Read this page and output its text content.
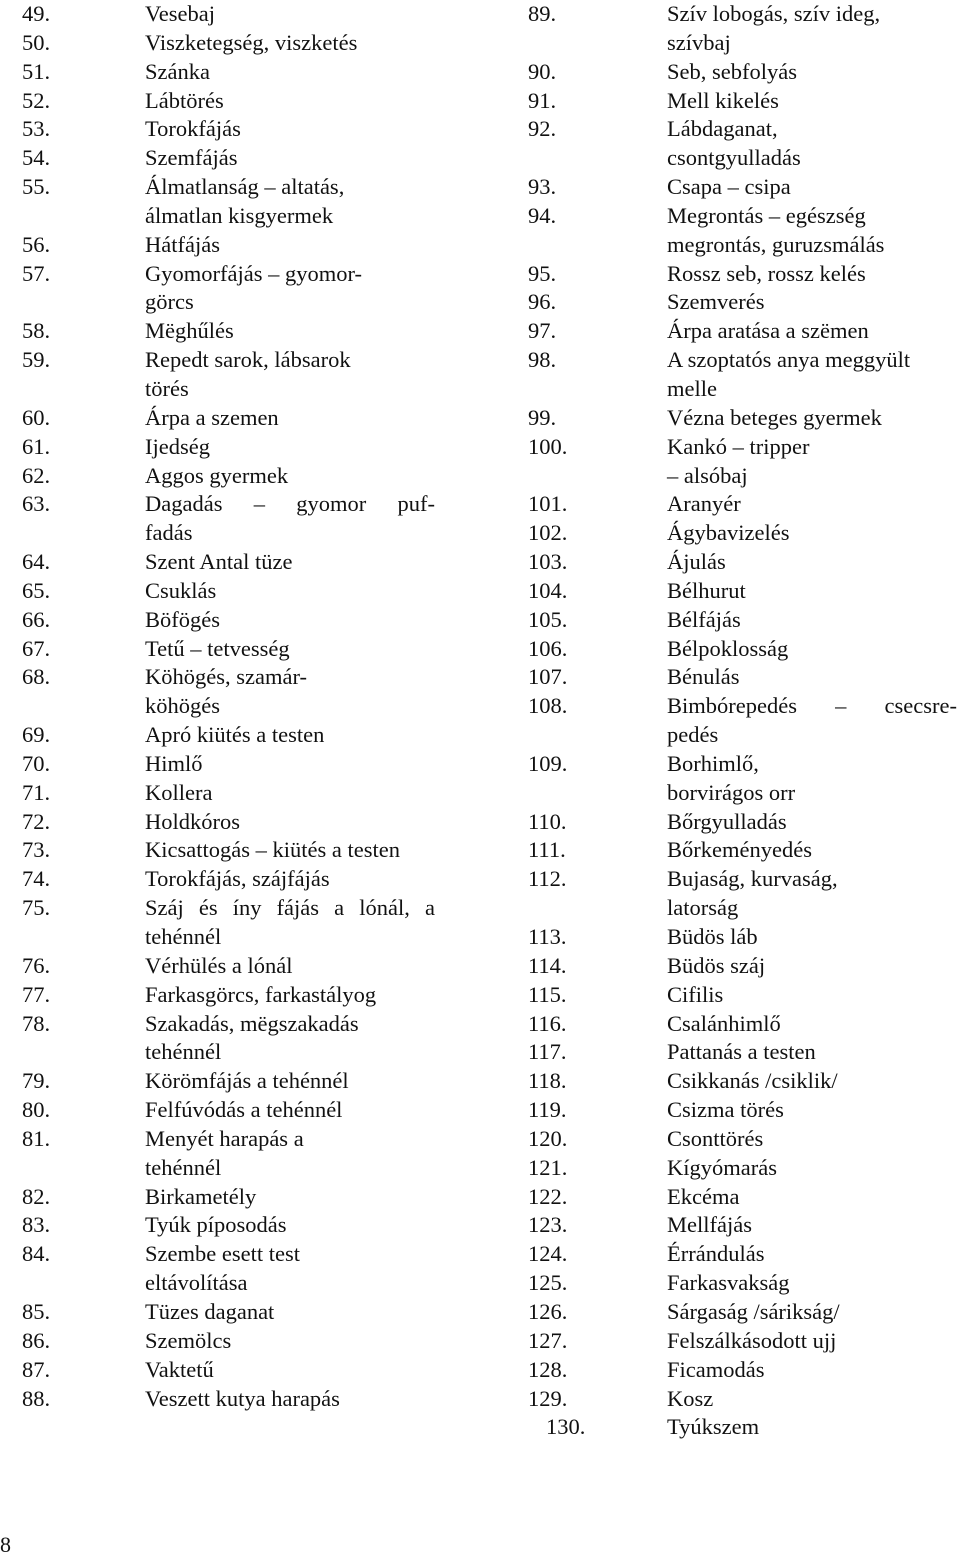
49.	Vesebaj
50.	Viszketegség, viszketés
51.	Szánka
52.	Lábtörés
53.	Torokfájás
54.	Szemfájás
55.	Álmatlanság – altatás,
álmatlan kisgyermek
56.	Hátfájás
57.	Gyomorfájás – gyomor-
görcs
58.	Mëghűlés
59.	Repedt sarok, lábsarok
törés
60.	Árpa a szemen
61.	Ijedség
62.	Aggos gyermek
63.	Dagadás – gyomor puf-
fadás
64.	Szent Antal tüze
65.	Csuklás
66.	Böfögés
67.	Tetű – tetvesség
68.	Köhögés, szamár-
köhögés
69.	Apró kiütés a testen
70.	Himlő
71.	Kollera
72.	Holdkóros
73.	Kicsattogás – kiütés a testen
74.	Torokfájás, szájfájás
75.	Száj és íny fájás a lónál, a
tehénnél
76.	Vérhülés a lónál
77.	Farkasgörcs, farkastályog
78.	Szakadás, mëgszakadás
tehénnél
79.	Körömfájás a tehénnél
80.	Felfúvódás a tehénnél
81.	Menyét harapás a
tehénnél
82.	Birkametély
83.	Tyúk píposodás
84.	Szembe esett test
eltávolítása
85.	Tüzes daganat
86.	Szemölcs
87.	Vaktetű
88.	Veszett kutya harapás
89.	Szív lobogás, szív ideg,
szívbaj
90.	Seb, sebfolyás
91.	Mell kikelés
92.	Lábdaganat,
csontgyulladás
93.	Csapa – csipa
94.	Megrontás – egészség
megrontás, guruzsmálás
95.	Rossz seb, rossz kelés
96.	Szemverés
97.	Árpa aratása a szëmen
98.	A szoptatós anya meggyült
melle
99.	Vézna beteges gyermek
100.	Kankó – tripper
– alsóbaj
101.	Aranyér
102.	Ágybavizelés
103.	Ájulás
104.	Bélhurut
105.	Bélfájás
106.	Bélpoklosság
107.	Bénulás
108.	Bimbórepedés – csecsre-
pedés
109.	Borhimlő,
borvirágos orr
110.	Bőrgyulladás
111.	Bőrkeményedés
112.	Bujaság, kurvaság,
latorság
113.	Büdös láb
114.	Büdös száj
115.	Cifilis
116.	Csalánhimlő
117.	Pattanás a testen
118.	Csikkanás /csiklik/
119.	Csizma törés
120.	Csonttörés
121.	Kígyómarás
122.	Ekcéma
123.	Mellfájás
124.	Érrándulás
125.	Farkasvakság
126.	Sárgaság /sárikság/
127.	Felszálkásodott ujj
128.	Ficamodás
129.	Kosz
130.	Tyúkszem
8
